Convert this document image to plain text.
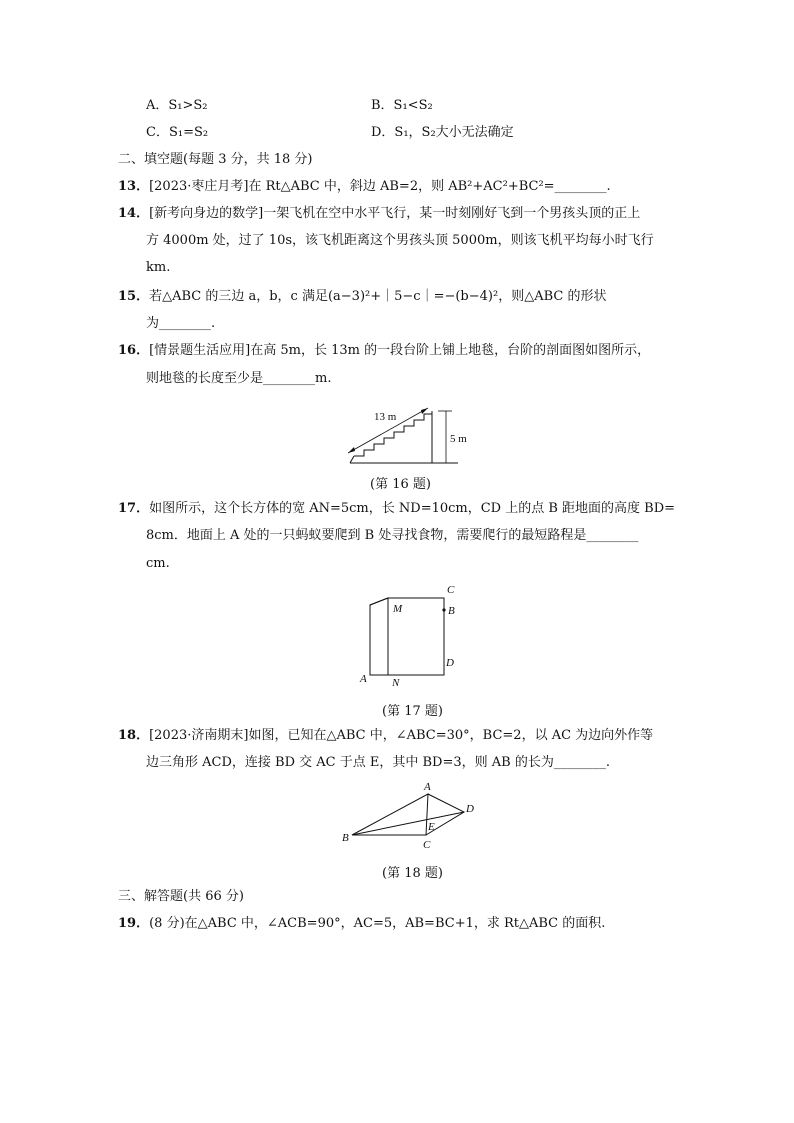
A．S₁>S₂	B．S₁<S₂
C．S₁=S₂	D．S₁，S₂大小无法确定
二、填空题(每题 3 分，共 18 分)
13．[2023·枣庄月考]在 Rt△ABC 中，斜边 AB=2，则 AB²+AC²+BC²=________.
14．[新考向身边的数学]一架飞机在空中水平飞行，某一时刻刚好飞到一个男孩头顶的正上
方 4000m 处，过了 10s，该飞机距离这个男孩头顶 5000m，则该飞机平均每小时飞行
km.
15．若△ABC 的三边 a，b，c 满足(a−3)²+｜5−c｜=−(b−4)²，则△ABC 的形状
为________.
16．[情景题生活应用]在高 5m，长 13m 的一段台阶上铺上地毯，台阶的剖面图如图所示，
则地毯的长度至少是________m.
13 m
5 m
(第 16 题)
17．如图所示，这个长方体的宽 AN=5cm，长 ND=10cm，CD 上的点 B 距地面的高度 BD=
8cm．地面上 A 处的一只蚂蚁要爬到 B 处寻找食物，需要爬行的最短路程是________
cm.
C
M	B
D
A N
(第 17 题)
18．[2023·济南期末]如图，已知在△ABC 中，∠ABC=30°，BC=2，以 AC 为边向外作等
边三角形 ACD，连接 BD 交 AC 于点 E，其中 BD=3，则 AB 的长为________.
A
B
C
D
E
(第 18 题)
三、解答题(共 66 分)
19．(8 分)在△ABC 中，∠ACB=90°，AC=5，AB=BC+1，求 Rt△ABC 的面积.
